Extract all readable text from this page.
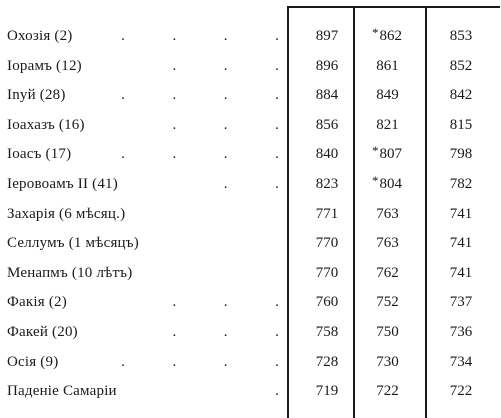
Охозія (2)	.	.	.	.	897	*862	853
Іорамъ (12)	.	.	.	896	861	852
Іnуй (28)	.	.	.	.	884	849	842
Іоахазъ (16)	.	.	.	856	821	815
Іоасъ (17)	.	.	.	.	840	*807	798
Іеровоамъ II (41)	.	.	823	*804	782
Захарія (6 мѣсяц.)	771	763	741
Селлумъ (1 мѣсяцъ)	770	763	741
Менапмъ (10 лѣтъ)	770	762	741
Факія (2)	.	.	.	760	752	737
Факей (20)	.	.	.	758	750	736
Осія (9)	.	.	.	.	728	730	734
Паденіе Самаріи	.	719	722	722
